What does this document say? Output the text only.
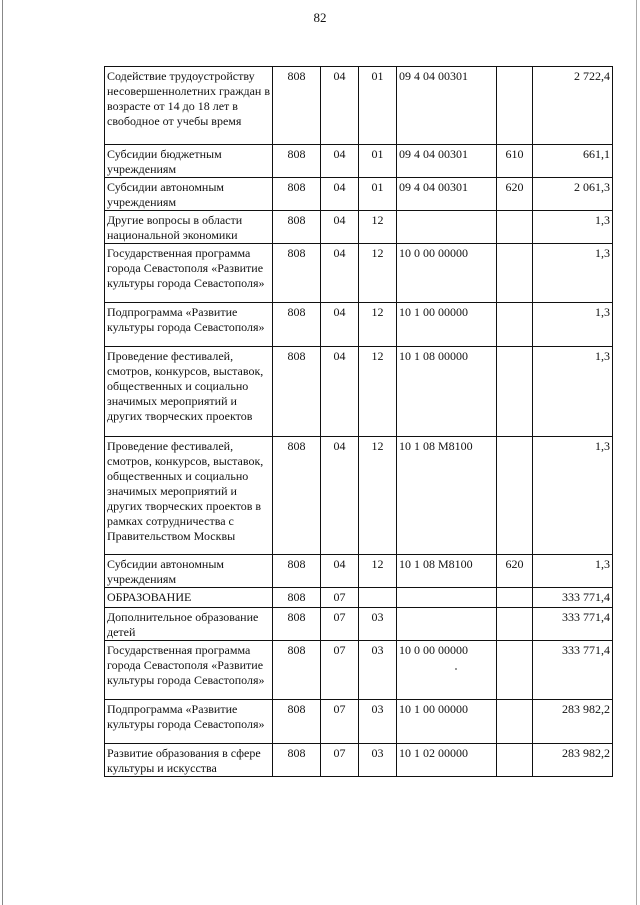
82
Содействие трудоустройству несовершеннолетних граждан в возрасте от 14 до 18 лет в свободное от учебы время	808	04	01	09 4 04 00301		2 722,4
Субсидии бюджетным учреждениям	808	04	01	09 4 04 00301	610	661,1
Субсидии автономным учреждениям	808	04	01	09 4 04 00301	620	2 061,3
Другие вопросы в области национальной экономики	808	04	12			1,3
Государственная программа города Севастополя «Развитие культуры города Севастополя»	808	04	12	10 0 00 00000		1,3
Подпрограмма «Развитие культуры города Севастополя»	808	04	12	10 1 00 00000		1,3
Проведение фестивалей, смотров, конкурсов, выставок, общественных и социально значимых мероприятий и других творческих проектов	808	04	12	10 1 08 00000		1,3
Проведение фестивалей, смотров, конкурсов, выставок, общественных и социально значимых мероприятий и других творческих проектов в рамках сотрудничества с Правительством Москвы	808	04	12	10 1 08 M8100		1,3
Субсидии автономным учреждениям	808	04	12	10 1 08 M8100	620	1,3
ОБРАЗОВАНИЕ	808	07				333 771,4
Дополнительное образование детей	808	07	03			333 771,4
Государственная программа города Севастополя «Развитие культуры города Севастополя»	808	07	03	10 0 00 00000		333 771,4
Подпрограмма «Развитие культуры города Севастополя»	808	07	03	10 1 00 00000		283 982,2
Развитие образования в сфере культуры и искусства	808	07	03	10 1 02 00000		283 982,2
